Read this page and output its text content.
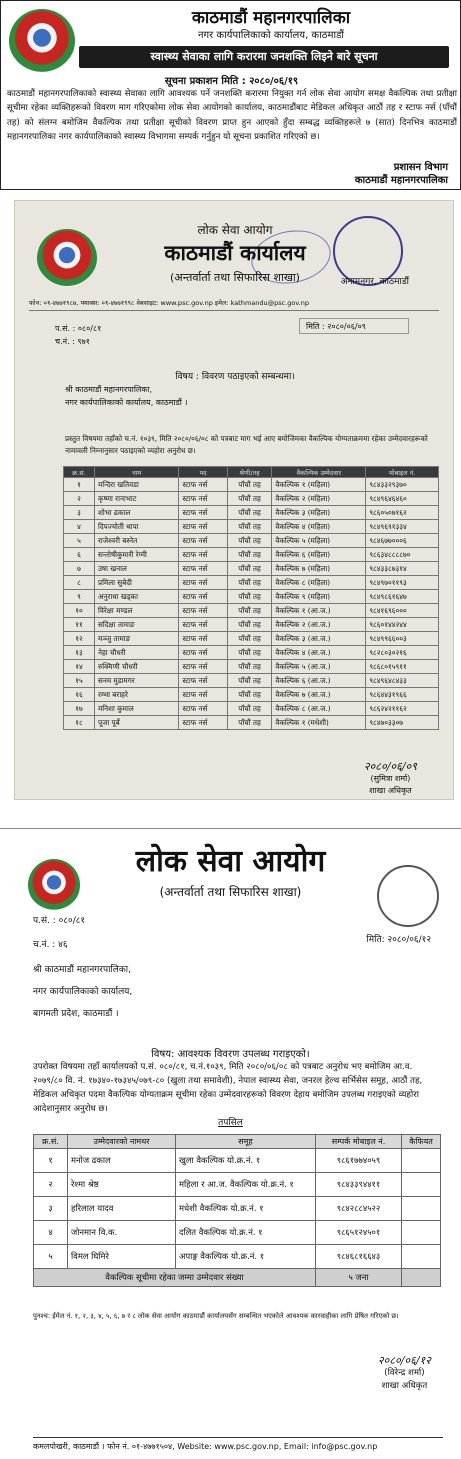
काठमाडौं महानगरपालिका
नगर कार्यपालिकाको कार्यालय, काठमाडौं
स्वास्थ्य सेवाका लागि करारमा जनशक्ति लिइने बारे सूचना
सूचना प्रकाशन मिति : २०८०/०६/१९
काठमाडौं महानगरपालिकाको स्वास्थ्य सेवाका लागि आवश्यक पर्ने जनशक्ति करारमा नियुक्त गर्न लोक सेवा आयोग समक्ष वैकल्पिक तथा प्रतीक्षा सूचीमा रहेका व्यक्तिहरूको विवरण माग गरिएकोमा लोक सेवा आयोगको कार्यालय, काठमाडौंबाट मेडिकल अधिकृत आठौं तह र स्टाफ नर्स (पाँचौं तह) को संलग्न बमोजिम वैकल्पिक तथा प्रतीक्षा सूचीको विवरण प्राप्त हुन आएको हुँदा सम्बद्ध व्यक्तिहरूले ७ (सात) दिनभित्र काठमाडौं महानगरपालिका नगर कार्यपालिकाको स्वास्थ्य विभागमा सम्पर्क गर्नुहुन यो सूचना प्रकाशित गरिएको छ।
प्रशासन विभाग
काठमाडौं महानगरपालिका
लोक सेवा आयोग
काठमाडौं कार्यालय
(अन्तर्वार्ता तथा सिफारिस शाखा)	अनामनगर, काठमाडौं
फोन: ०१-४७७१९८७, फ्याक्स: ०१-४७७१९९८ वेबसाइट: www.psc.gov.np इमेल: kathmandu@psc.gov.np
प.सं. : ०८०/८१
च.नं. : ९७१
मिति : २०८०/०६/०९
विषय : विवरण पठाइएको सम्बन्धमा।
श्री काठमाडौं महानगरपालिका,
नगर कार्यपालिकाको कार्यालय, काठमाडौं ।
प्रस्तुत विषयमा तहाँको च.नं. १०३९, मिति २०८०/०६/०८ को पत्रबाट माग भई आए बमोजिमका वैकल्पिक योग्यताक्रममा रहेका उम्मेदवारहरूको नामावली निम्नानुसार पठाइएको व्यहोरा अनुरोध छ।
क्र.सं.	नाम	पद	श्रेणी/तह	वैकल्पिक उम्मेदवार	मोबाइल नं.
१	मन्दिरा खतिवडा	स्टाफ नर्स	पाँचौं तह	वैकल्पिक १ (महिला)	९८४३३२९३७०
२	कृष्णा रानाभाट	स्टाफ नर्स	पाँचौं तह	वैकल्पिक २ (महिला)	९८४९६४६४६०
३	शोभा ढकाल	स्टाफ नर्स	पाँचौं तह	वैकल्पिक ३ (महिला)	९८६०५०७१६२
४	दिपज्योती थापा	स्टाफ नर्स	पाँचौं तह	वैकल्पिक ४ (महिला)	९८४९६९१३३४
५	राजेश्वरी बस्नेत	स्टाफ नर्स	पाँचौं तह	वैकल्पिक ५ (महिला)	९८४६७७०००६
६	सन्तोषीकुमारी रेग्मी	स्टाफ नर्स	पाँचौं तह	वैकल्पिक ६ (महिला)	९८६३४८८८८७०
७	उषा खनाल	स्टाफ नर्स	पाँचौं तह	वैकल्पिक ७ (महिला)	९८४३३८७३१४
८	प्रमिला सुबेदी	स्टाफ नर्स	पाँचौं तह	वैकल्पिक ८ (महिला)	९८४९७०११९३
९	अनुराधा खड्का	स्टाफ नर्स	पाँचौं तह	वैकल्पिक ९ (महिला)	९८४९८६१६४७
१०	विरेक्षा मण्डल	स्टाफ नर्स	पाँचौं तह	वैकल्पिक १ (आ.ज.)	९८४१६९६०००
११	सदिक्षा तामाङ	स्टाफ नर्स	पाँचौं तह	वैकल्पिक २ (आ.ज.)	९८६०१४४२४४
१२	मञ्जु तामाङ	स्टाफ नर्स	पाँचौं तह	वैकल्पिक ३ (आ.ज.)	९८४९९६६००३
१३	नेहा चौधरी	स्टाफ नर्स	पाँचौं तह	वैकल्पिक ४ (आ.ज.)	९८२८०३०२१६
१४	रुक्मिणी चौधरी	स्टाफ नर्स	पाँचौं तह	वैकल्पिक ५ (आ.ज.)	९८६८०१५९११
१५	सनम मुडामगर	स्टाफ नर्स	पाँचौं तह	वैकल्पिक ६ (आ.ज.)	९८४९६४८४३३
१६	रम्भा बराहरे	स्टाफ नर्स	पाँचौं तह	वैकल्पिक ७ (आ.ज.)	९८६४४३१९६६
१७	मनिशा कुमाल	स्टाफ नर्स	पाँचौं तह	वैकल्पिक ८ (आ.ज.)	९८६२४२११६२
१८	पूजा पूर्बे	स्टाफ नर्स	पाँचौं तह	वैकल्पिक १ (मधेशी)	९८४७०३३०७
२०८०/०६/०९
(सुमित्रा शर्मा)
शाखा अधिकृत
लोक सेवा आयोग
(अन्तर्वार्ता तथा सिफारिस शाखा)
प.सं. : ०८०/८१
च.नं. : ४६	मिति: २०८०/०६/१२
श्री काठमाडौं महानगरपालिका,
नगर कार्यपालिकाको कार्यालय,
बागमती प्रदेश, काठमाडौं ।
विषय: आवश्यक विवरण उपलब्ध गराइएको।
उपरोक्त विषयमा तहाँ कार्यालयको प.सं. ०८०/८१, च.नं.१०३९, मिति २०८०/०६/०८ को पत्रबाट अनुरोध भए बमोजिम आ.व. २०७९/८० वि. नं. १७३४०-१७३४५/०७९-८० (खुला तथा समावेशी), नेपाल स्वास्थ्य सेवा, जनरल हेल्थ सर्भिसेस समूह, आठौं तह, मेडिकल अधिकृत पदमा वैकल्पिक योग्यताक्रम सूचीमा रहेका उम्मेदवारहरूको विवरण देहाय बमोजिम उपलब्ध गराइएको व्यहोरा आदेशानुसार अनुरोध छ।
तपसिल
क्र.सं.	उम्मेदवारको नामथर	समूह	सम्पर्क मोबाइल नं.	कैफियत
१	मनोज ढकाल	खुला वैकल्पिक यो.क्र.नं. १	९८६१७७४०५९	
२	रेश्मा श्रेष्ठ	महिला र आ.ज. वैकल्पिक यो.क्र.नं. १	९८४३३९४४११	
३	हरिलाल यादव	मधेशी वैकल्पिक यो.क्र.नं. १	९८४२८८४५२२	
४	जोनमान वि.क.	दलित वैकल्पिक यो.क्र.नं. १	९८६५१२४५०१	
५	विमल घिमिरे	अपाङ्ग वैकल्पिक यो.क्र.नं. १	९८४६८१६६४३	
वैकल्पिक सूचीमा रहेका जम्मा उम्मेदवार संख्या			५ जना	
पुनश्च: ईमेल नं. १, २, ३, ४, ५, ६, ७ र ८ लोक सेवा आयोग काठमाडौं कार्यालयसँग सम्बन्धित भएकोले आवश्यक कारवाहीका लागि प्रेषित गरिएको छ।
२०८०/०६/१२
(विरेन्द्र शर्मा)
शाखा अधिकृत
कमलपोखरी, काठमाडौं । फोन नं. ०१-४७७१५०४, Website: www.psc.gov.np, Email: info@psc.gov.np
